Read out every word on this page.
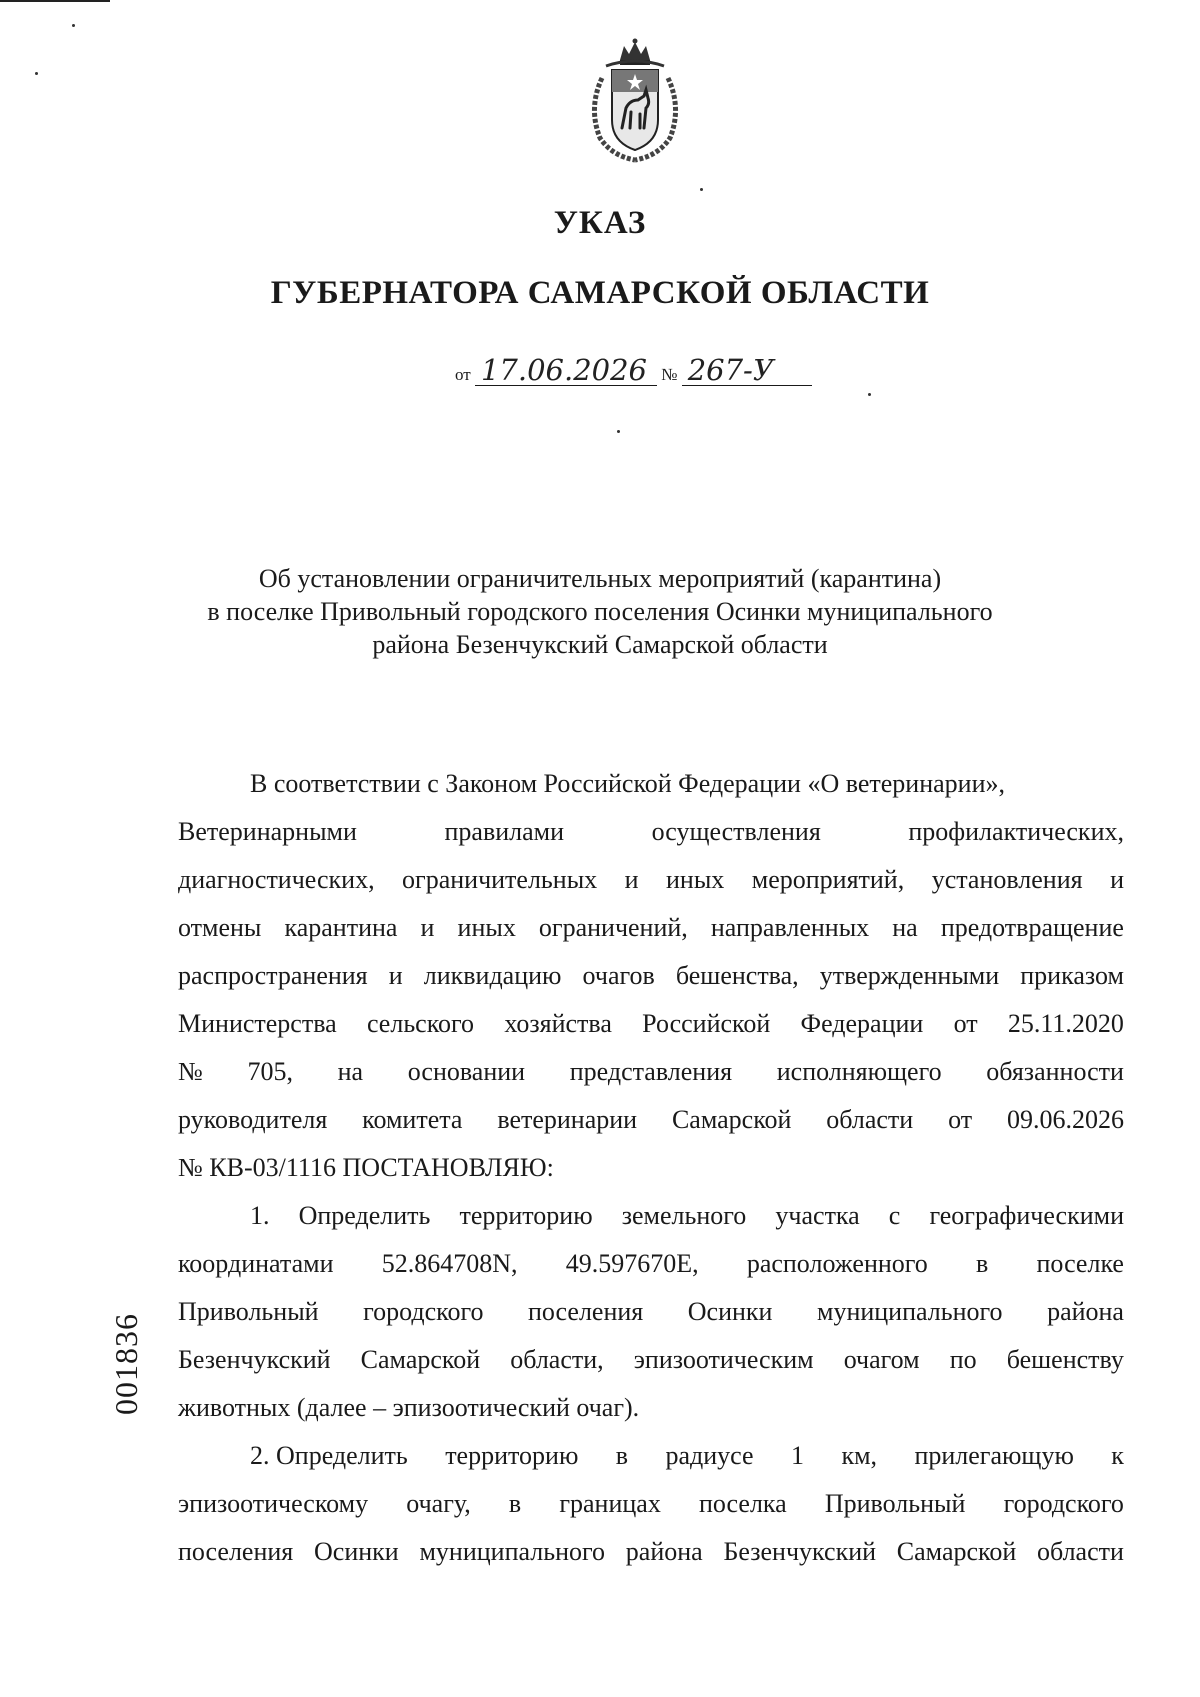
УКАЗ
ГУБЕРНАТОРА САМАРСКОЙ ОБЛАСТИ
от 17.06.2026 № 267-У
Об установлении ограничительных мероприятий (карантина)
в поселке Привольный городского поселения Осинки муниципального
района Безенчукский Самарской области
В соответствии с Законом Российской Федерации «О ветеринарии»,
Ветеринарными	правилами	осуществления	профилактических,
диагностических, ограничительных и иных мероприятий, установления и
отмены карантина и иных ограничений, направленных на предотвращение
распространения и ликвидацию очагов бешенства, утвержденными приказом
Министерства сельского хозяйства Российской Федерации от 25.11.2020
№ 705, на основании представления исполняющего обязанности
руководителя комитета ветеринарии Самарской области от 09.06.2026
№ КВ-03/1116 ПОСТАНОВЛЯЮ:
1. Определить территорию земельного участка с географическими
координатами 52.864708N, 49.597670E, расположенного в поселке
Привольный городского поселения Осинки муниципального района
Безенчукский Самарской области, эпизоотическим очагом по бешенству
животных (далее – эпизоотический очаг).
2. Определить территорию в радиусе 1 км, прилегающую к
эпизоотическому очагу, в границах поселка Привольный городского
поселения Осинки муниципального района Безенчукский Самарской области
001836
